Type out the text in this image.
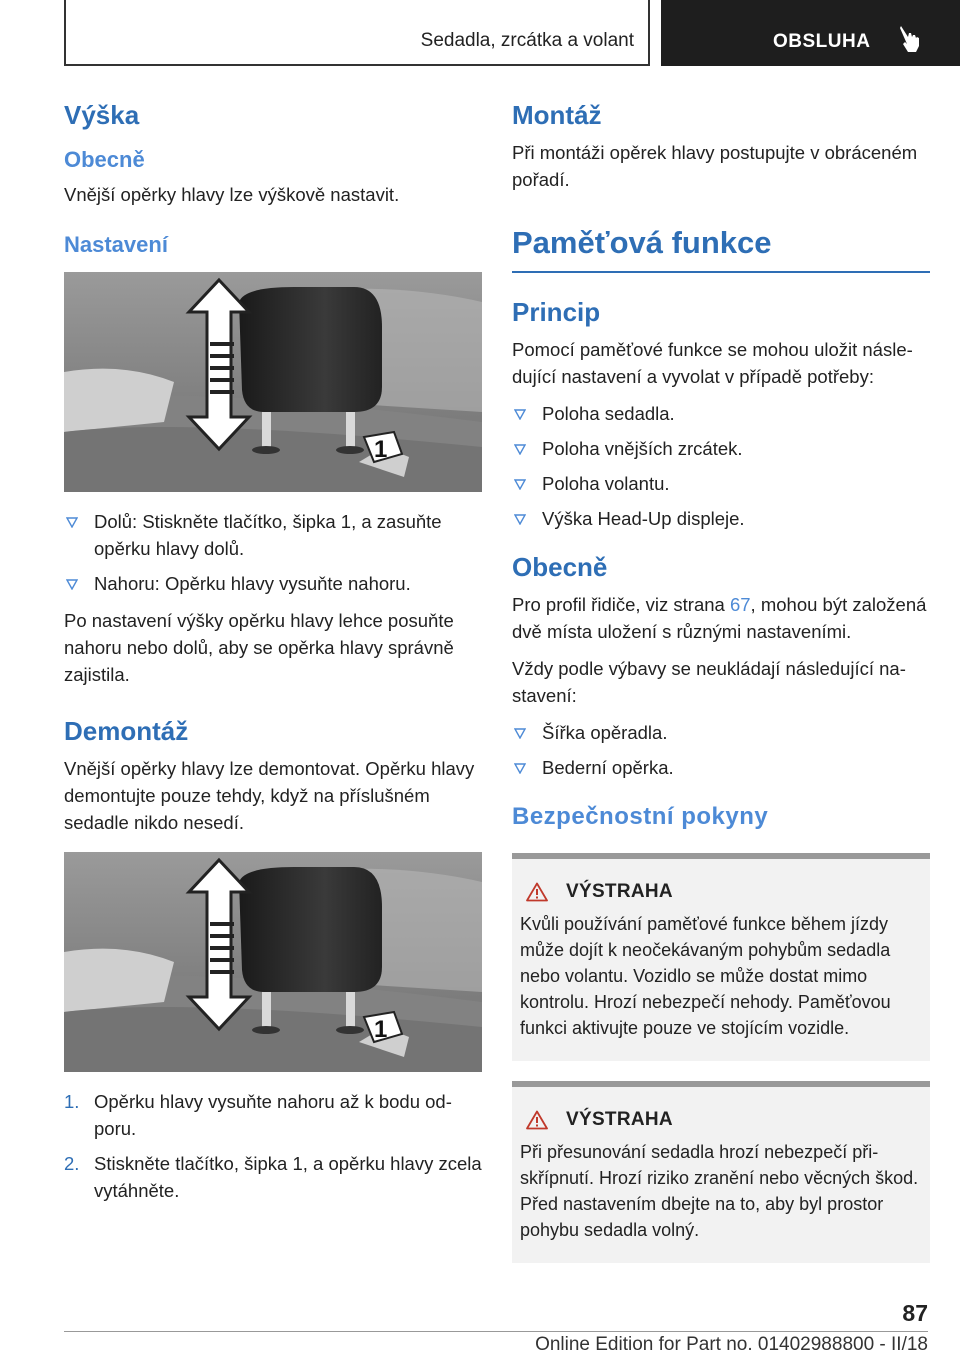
Sedadla, zrcátka a volant	OBSLUHA
Výška
Obecně

Vnější opěrky hlavy lze výškově nastavit.

Nastavení
1
Dolů: Stiskněte tlačítko, šipka 1, a zasuňte opěrku hlavy dolů.
Nahoru: Opěrku hlavy vysuňte nahoru.

Po nastavení výšky opěrku hlavy lehce posuňte nahoru nebo dolů, aby se opěrka hlavy správně zajistila.

Demontáž

Vnější opěrky hlavy lze demontovat. Opěrku hlavy demontujte pouze tehdy, když na příslušném sedadle nikdo nesedí.

1
1. Opěrku hlavy vysuňte nahoru až k bodu odporu.
2. Stiskněte tlačítko, šipka 1, a opěrku hlavy zcela vytáhněte.
Montáž

Při montáži opěrek hlavy postupujte v obráceném pořadí.

Paměťová funkce
Princip

Pomocí paměťové funkce se mohou uložit následující nastavení a vyvolat v případě potřeby:

Poloha sedadla.
Poloha vnějších zrcátek.
Poloha volantu.
Výška Head-Up displeje.
Obecně

Pro profil řidiče, viz strana 67, mohou být založená dvě místa uložení s různými nastaveními.

Vždy podle výbavy se neukládají následující nastavení:

Šířka opěradla.
Bederní opěrka.
Bezpečnostní pokyny
VÝSTRAHA

Kvůli používání paměťové funkce během jízdy může dojít k neočekávaným pohybům sedadla nebo volantu. Vozidlo se může dostat mimo kontrolu. Hrozí nebezpečí nehody. Paměťovou funkci aktivujte pouze ve stojícím vozidle.

VÝSTRAHA

Při přesunování sedadla hrozí nebezpečí přiskřípnutí. Hrozí riziko zranění nebo věcných škod. Před nastavením dbejte na to, aby byl prostor pohybu sedadla volný.

87
Online Edition for Part no. 01402988800 - II/18
